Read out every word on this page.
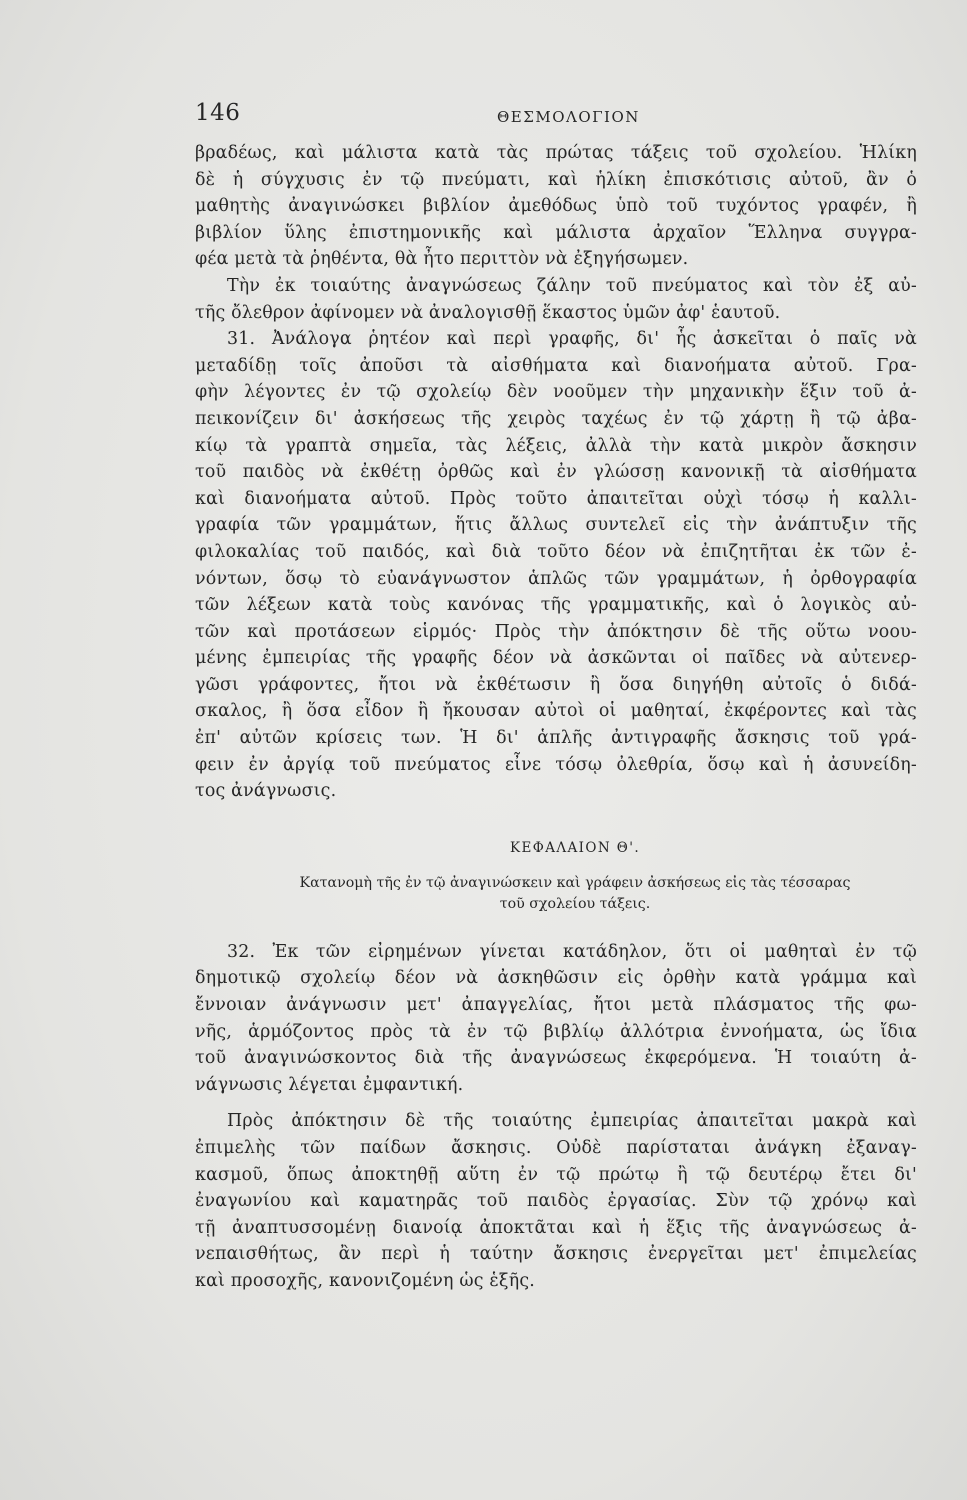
146	ΘΕΣΜΟΛΟΓΙΟΝ
βραδέως, καὶ μάλιστα κατὰ τὰς πρώτας τάξεις τοῦ σχολείου. Ἡλίκη
δὲ ἡ σύγχυσις ἐν τῷ πνεύματι, καὶ ἡλίκη ἐπισκότισις αὐτοῦ, ἂν ὁ
μαθητὴς ἀναγινώσκει βιβλίον ἀμεθόδως ὑπὸ τοῦ τυχόντος γραφέν, ἢ
βιβλίον ὕλης ἐπιστημονικῆς καὶ μάλιστα ἀρχαῖον Ἕλληνα συγγρα-
φέα μετὰ τὰ ῥηθέντα, θὰ ἦτο περιττὸν νὰ ἐξηγήσωμεν.
Τὴν ἐκ τοιαύτης ἀναγνώσεως ζάλην τοῦ πνεύματος καὶ τὸν ἐξ αὐ-
τῆς ὄλεθρον ἀφίνομεν νὰ ἀναλογισθῇ ἕκαστος ὑμῶν ἀφ' ἑαυτοῦ.
31. Ἀνάλογα ῥητέον καὶ περὶ γραφῆς, δι' ἧς ἀσκεῖται ὁ παῖς νὰ
μεταδίδῃ τοῖς ἀποῦσι τὰ αἰσθήματα καὶ διανοήματα αὐτοῦ. Γρα-
φὴν λέγοντες ἐν τῷ σχολείῳ δὲν νοοῦμεν τὴν μηχανικὴν ἕξιν τοῦ ἀ-
πεικονίζειν δι' ἀσκήσεως τῆς χειρὸς ταχέως ἐν τῷ χάρτῃ ἢ τῷ ἀβα-
κίῳ τὰ γραπτὰ σημεῖα, τὰς λέξεις, ἀλλὰ τὴν κατὰ μικρὸν ἄσκησιν
τοῦ παιδὸς νὰ ἐκθέτῃ ὀρθῶς καὶ ἐν γλώσσῃ κανονικῇ τὰ αἰσθήματα
καὶ διανοήματα αὐτοῦ. Πρὸς τοῦτο ἀπαιτεῖται οὐχὶ τόσῳ ἡ καλλι-
γραφία τῶν γραμμάτων, ἥτις ἄλλως συντελεῖ εἰς τὴν ἀνάπτυξιν τῆς
φιλοκαλίας τοῦ παιδός, καὶ διὰ τοῦτο δέον νὰ ἐπιζητῆται ἐκ τῶν ἐ-
νόντων, ὅσῳ τὸ εὐανάγνωστον ἁπλῶς τῶν γραμμάτων, ἡ ὀρθογραφία
τῶν λέξεων κατὰ τοὺς κανόνας τῆς γραμματικῆς, καὶ ὁ λογικὸς αὐ-
τῶν καὶ προτάσεων εἱρμός· Πρὸς τὴν ἀπόκτησιν δὲ τῆς οὕτω νοου-
μένης ἐμπειρίας τῆς γραφῆς δέον νὰ ἀσκῶνται οἱ παῖδες νὰ αὐτενερ-
γῶσι γράφοντες, ἤτοι νὰ ἐκθέτωσιν ἢ ὅσα διηγήθη αὐτοῖς ὁ διδά-
σκαλος, ἢ ὅσα εἶδον ἢ ἤκουσαν αὐτοὶ οἱ μαθηταί, ἐκφέροντες καὶ τὰς
ἐπ' αὐτῶν κρίσεις των. Ἡ δι' ἁπλῆς ἀντιγραφῆς ἄσκησις τοῦ γρά-
φειν ἐν ἀργίᾳ τοῦ πνεύματος εἶνε τόσῳ ὀλεθρία, ὅσῳ καὶ ἡ ἀσυνείδη-
τος ἀνάγνωσις.
ΚΕΦΑΛΑΙΟΝ Θ'.
Κατανομὴ τῆς ἐν τῷ ἀναγινώσκειν καὶ γράφειν ἀσκήσεως εἰς τὰς τέσσαρας
τοῦ σχολείου τάξεις.
32. Ἐκ τῶν εἰρημένων γίνεται κατάδηλον, ὅτι οἱ μαθηταὶ ἐν τῷ
δημοτικῷ σχολείῳ δέον νὰ ἀσκηθῶσιν εἰς ὀρθὴν κατὰ γράμμα καὶ
ἔννοιαν ἀνάγνωσιν μετ' ἀπαγγελίας, ἤτοι μετὰ πλάσματος τῆς φω-
νῆς, ἁρμόζοντος πρὸς τὰ ἐν τῷ βιβλίῳ ἀλλότρια ἐννοήματα, ὡς ἴδια
τοῦ ἀναγινώσκοντος διὰ τῆς ἀναγνώσεως ἐκφερόμενα. Ἡ τοιαύτη ἀ-
νάγνωσις λέγεται ἐμφαντική.
Πρὸς ἀπόκτησιν δὲ τῆς τοιαύτης ἐμπειρίας ἀπαιτεῖται μακρὰ καὶ
ἐπιμελὴς τῶν παίδων ἄσκησις. Οὐδὲ παρίσταται ἀνάγκη ἐξαναγ-
κασμοῦ, ὅπως ἀποκτηθῇ αὕτη ἐν τῷ πρώτῳ ἢ τῷ δευτέρῳ ἔτει δι'
ἐναγωνίου καὶ καματηρᾶς τοῦ παιδὸς ἐργασίας. Σὺν τῷ χρόνῳ καὶ
τῇ ἀναπτυσσομένῃ διανοίᾳ ἀποκτᾶται καὶ ἡ ἕξις τῆς ἀναγνώσεως ἀ-
νεπαισθήτως, ἂν περὶ ἡ ταύτην ἄσκησις ἐνεργεῖται μετ' ἐπιμελείας
καὶ προσοχῆς, κανονιζομένη ὡς ἑξῆς.
